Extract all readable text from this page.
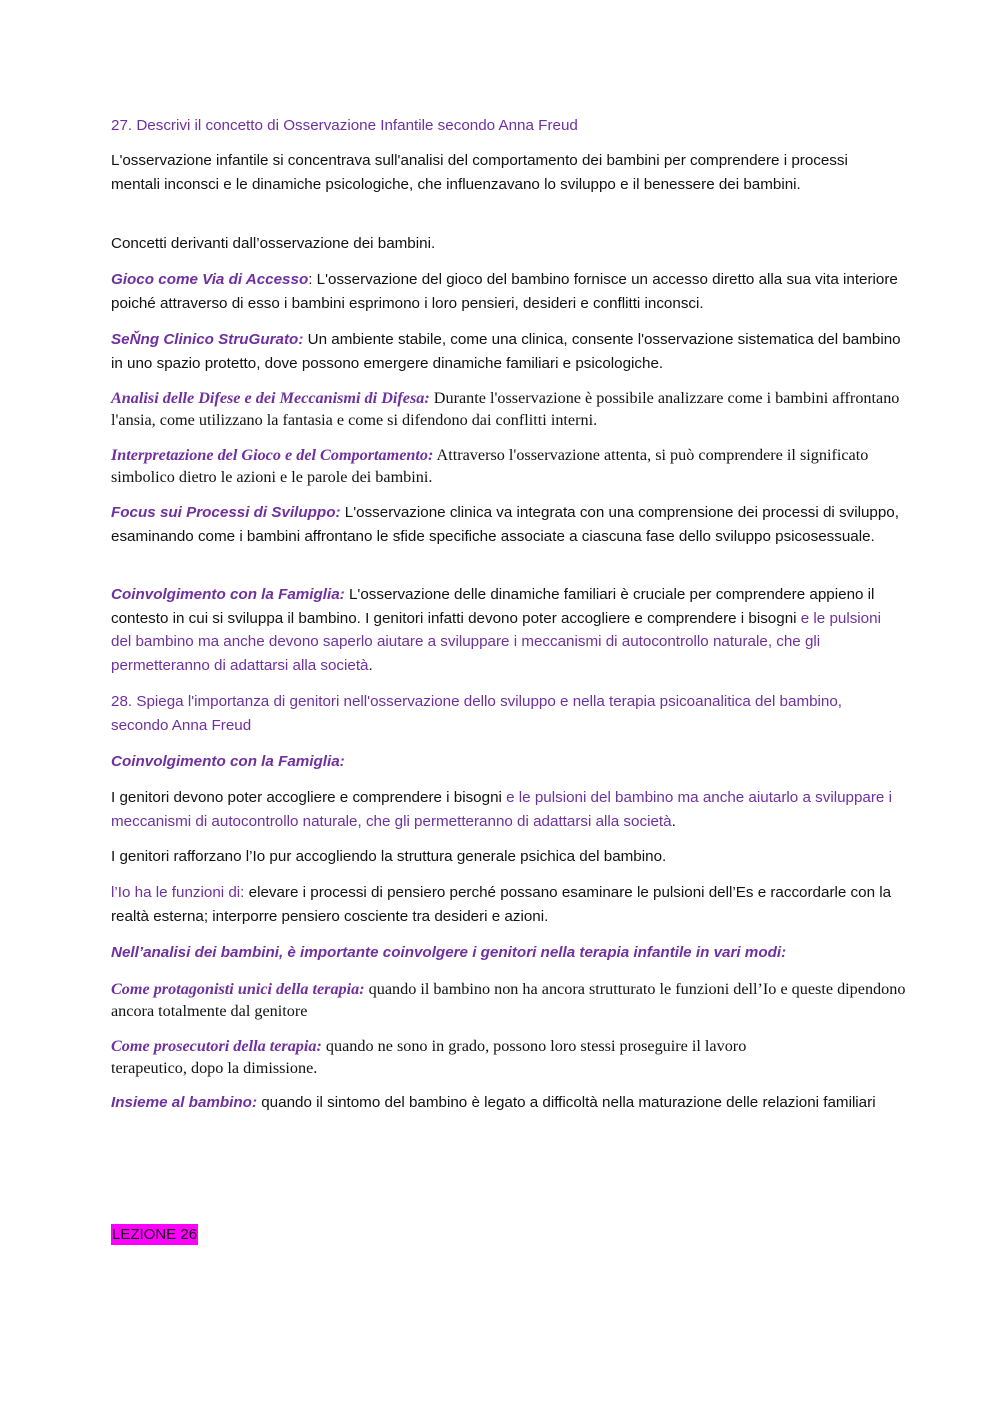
27. Descrivi il concetto di Osservazione Infantile secondo Anna Freud

L'osservazione infantile si concentrava sull'analisi del comportamento dei bambini per comprendere i processi mentali inconsci e le dinamiche psicologiche, che influenzavano lo sviluppo e il benessere dei bambini.

Concetti derivanti dall’osservazione dei bambini.

Gioco come Via di Accesso: L'osservazione del gioco del bambino fornisce un accesso diretto alla sua vita interiore poiché attraverso di esso i bambini esprimono i loro pensieri, desideri e conflitti inconsci.

SeŇng Clinico StruGurato: Un ambiente stabile, come una clinica, consente l'osservazione sistematica del bambino in uno spazio protetto, dove possono emergere dinamiche familiari e psicologiche.

Analisi delle Difese e dei Meccanismi di Difesa: Durante l'osservazione è possibile analizzare come i bambini affrontano l'ansia, come utilizzano la fantasia e come si difendono dai conflitti interni.

Interpretazione del Gioco e del Comportamento: Attraverso l'osservazione attenta, si può comprendere il significato simbolico dietro le azioni e le parole dei bambini.

Focus sui Processi di Sviluppo: L'osservazione clinica va integrata con una comprensione dei processi di sviluppo, esaminando come i bambini affrontano le sfide specifiche associate a ciascuna fase dello sviluppo psicosessuale.

Coinvolgimento con la Famiglia: L'osservazione delle dinamiche familiari è cruciale per comprendere appieno il contesto in cui si sviluppa il bambino. I genitori infatti devono poter accogliere e comprendere i bisogni e le pulsioni del bambino ma anche devono saperlo aiutare a sviluppare i meccanismi di autocontrollo naturale, che gli permetteranno di adattarsi alla società.

28. Spiega l'importanza di genitori nell'osservazione dello sviluppo e nella terapia psicoanalitica del bambino, secondo Anna Freud

Coinvolgimento con la Famiglia:

I genitori devono poter accogliere e comprendere i bisogni e le pulsioni del bambino ma anche aiutarlo a sviluppare i meccanismi di autocontrollo naturale, che gli permetteranno di adattarsi alla società.

I genitori rafforzano l’Io pur accogliendo la struttura generale psichica del bambino.

l’Io ha le funzioni di: elevare i processi di pensiero perché possano esaminare le pulsioni dell’Es e raccordarle con la realtà esterna; interporre pensiero cosciente tra desideri e azioni.

Nell’analisi dei bambini, è importante coinvolgere i genitori nella terapia infantile in vari modi:

Come protagonisti unici della terapia: quando il bambino non ha ancora strutturato le funzioni dell’Io e queste dipendono ancora totalmente dal genitore

Come prosecutori della terapia: quando ne sono in grado, possono loro stessi proseguire il lavoro terapeutico, dopo la dimissione.

Insieme al bambino: quando il sintomo del bambino è legato a difficoltà nella maturazione delle relazioni familiari

LEZIONE 26
